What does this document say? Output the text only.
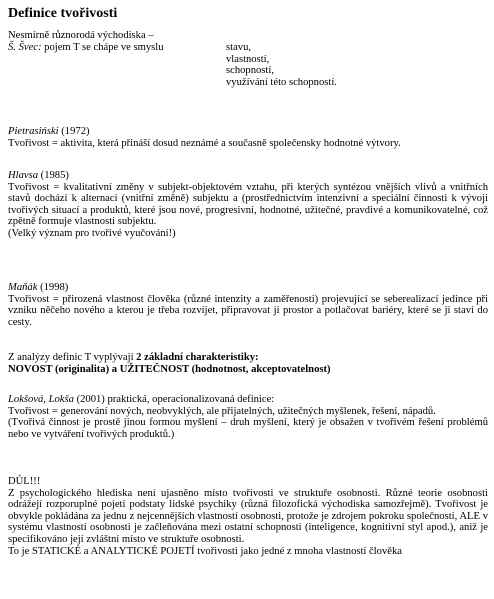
Definice tvořivosti

Nesmírně různorodá východiska –

Š. Švec: pojem T se chápe ve smyslu	stavu,

vlastností,

schopností,

využívání této schopností.

Pietrasiński (1972)

Tvořivost = aktivita, která přináší dosud neznámé a současně společensky hodnotné výtvory.

Hlavsa (1985)

Tvořivost = kvalitativní změny v subjekt-objektovém vztahu, při kterých syntézou vnějších vlivů a vnitřních stavů dochází k alternaci (vnitřní změně) subjektu a (prostřednictvím intenzivní a speciální činnosti k vývoji tvořivých situací a produktů, které jsou nové, progresivní, hodnotné, užitečné, pravdivé a komunikovatelné, což zpětně formuje vlastnosti subjektu.

(Velký význam pro tvořivé vyučování!)

Maňák (1998)

Tvořivost = přirozená vlastnost člověka (různé intenzity a zaměřenosti) projevující se seberealizací jedince při vzniku něčeho nového a kterou je třeba rozvíjet, připravovat ji prostor a potlačovat bariéry, které se jí staví do cesty.

Z analýzy definic T vyplývají 2 základní charakteristiky:

NOVOST (originalita) a UŽITEČNOST (hodnotnost, akceptovatelnost)

Lokšová, Lokša (2001) praktická, operacionalizovaná definice:

Tvořivost = generování nových, neobvyklých, ale přijatelných, užitečných myšlenek, řešení, nápadů.

(Tvořivá činnost je prostě jinou formou myšlení – druh myšlení, který je obsažen v tvořivém řešení problémů nebo ve vytváření tvořivých produktů.)

DŮL!!!

Z psychologického hlediska není ujasněno místo tvořivosti ve struktuře osobnosti. Různé teorie osobnosti odrážejí rozporuplné pojetí podstaty lidské psychiky (různá filozofická východiska samozřejmě). Tvořivost je obvykle pokládána za jednu z nejcennějších vlastností osobnosti, protože je zdrojem pokroku společnosti, ALE v systému vlastností osobnosti je začleňována mezi ostatní schopnosti (inteligence, kognitivní styl apod.), aniž je specifikováno její zvláštní místo ve struktuře osobnosti.

To je STATICKÉ a ANALYTICKÉ POJETÍ tvořivosti jako jedné z mnoha vlastností člověka
